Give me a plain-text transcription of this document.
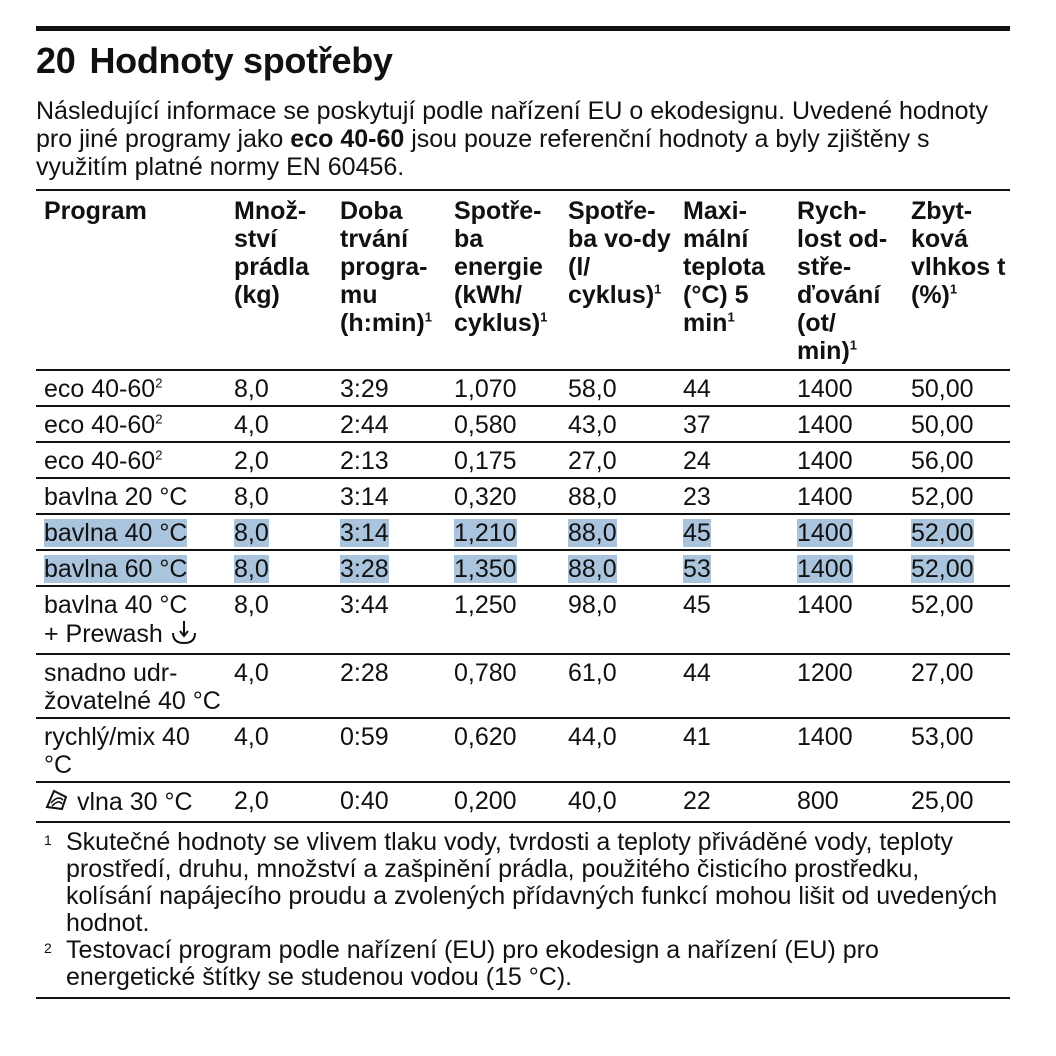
20 Hodnoty spotřeby

Následující informace se poskytují podle nařízení EU o ekodesignu. Uvedené hodnoty pro jiné programy jako eco 40-60 jsou pouze referenční hodnoty a byly zjištěny s využitím platné normy EN 60456.

Program	Množ-ství prádla (kg)	Doba trvání progra-mu (h:min)$^1$	Spotře-ba energie (kWh/ cyklus)$^1$	Spotře-ba vo-dy (l/ cyklus)$^1$	Maxi-mální teplota (°C) 5 $\min^1$	Rych-lost od-stře-ďování (ot/ min)$^1$	Zbyt-ková vlhkos t (%)$^1$
eco $40-60^2$	8,0	3:29	1,070	58,0	44	1400	50,00
eco $40-60^2$	4,0	2:44	0,580	43,0	37	1400	50,00
eco $40-60^2$	2,0	2:13	0,175	27,0	24	1400	56,00
bavlna 20 °C	8,0	3:14	0,320	88,0	23	1400	52,00
bavlna 40 °C	8,0	3:14	1,210	88,0	45	1400	52,00
bavlna 60 °C	8,0	3:28	1,350	88,0	53	1400	52,00
bavlna 40 °C
+ Prewash	8,0	3:44	1,250	98,0	45	1400	52,00
snadno udr-žovatelné 40 °C	4,0	2:28	0,780	61,0	44	1200	27,00
rychlý/mix 40 °C	4,0	0:59	0,620	44,0	41	1400	53,00
vlna 30 °C	2,0	0:40	0,200	40,0	22	800	25,00
1 Skutečné hodnoty se vlivem tlaku vody, tvrdosti a teploty přiváděné vody, teploty prostředí, druhu, množství a zašpinění prádla, použitého čisticího prostředku, kolísání napájecího proudu a zvolených přídavných funkcí mohou lišit od uvedených hodnot.
2 Testovací program podle nařízení (EU) pro ekodesign a nařízení (EU) pro energetické štítky se studenou vodou (15 °C).
